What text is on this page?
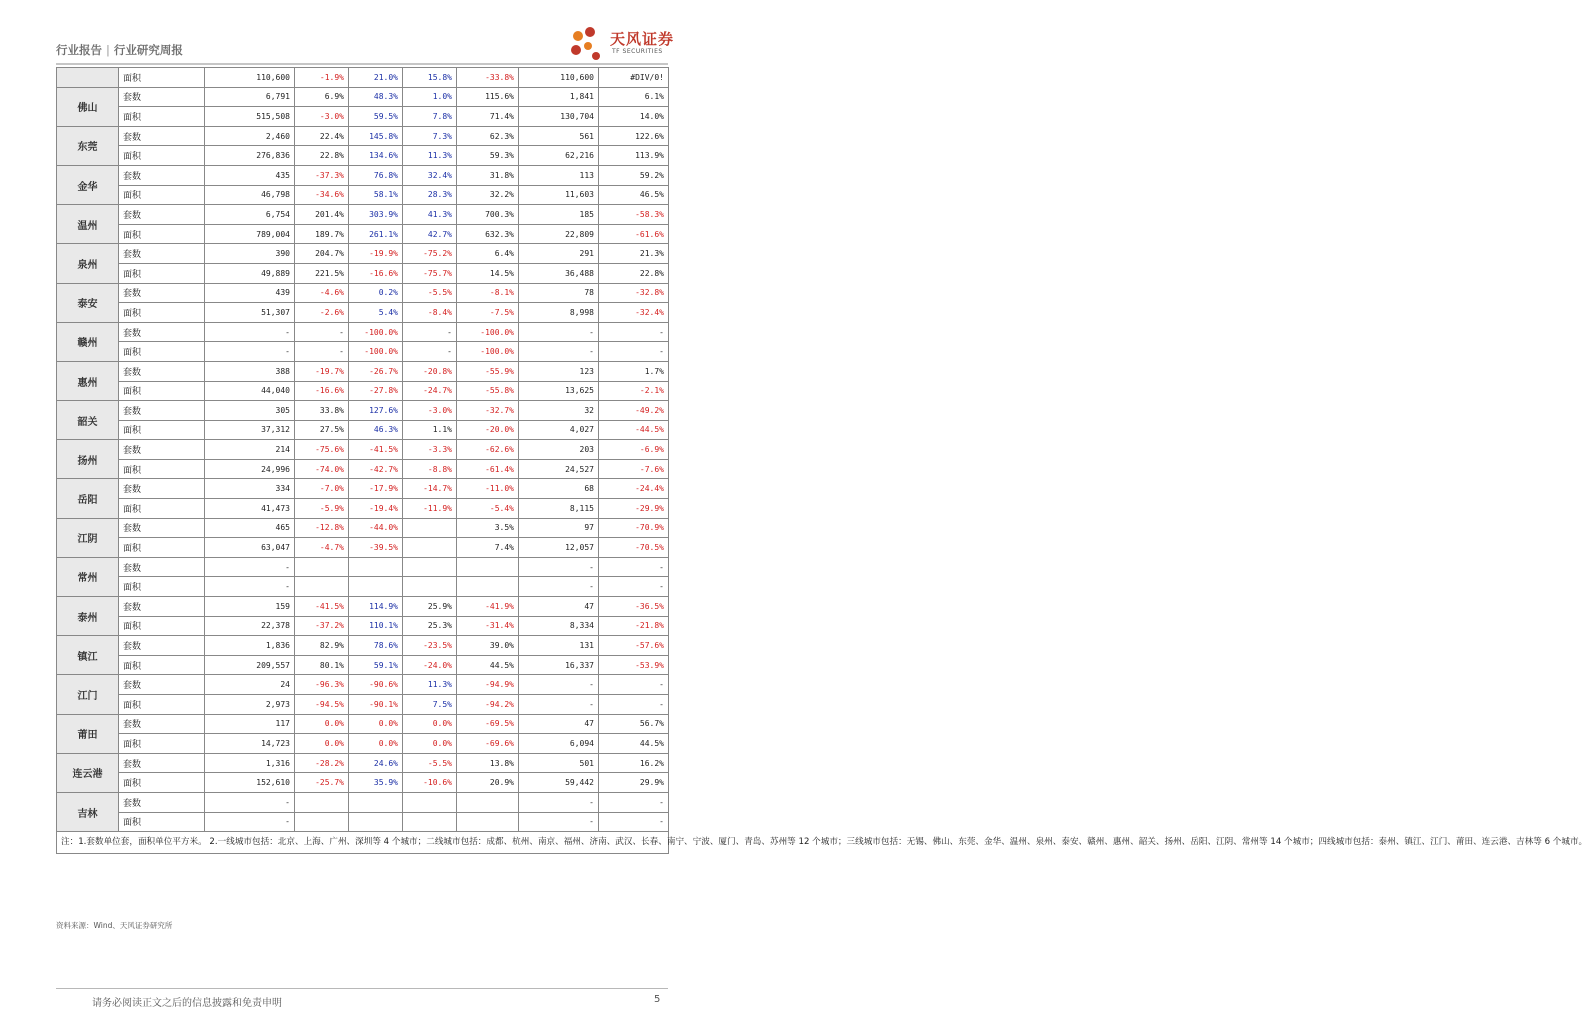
行业报告 | 行业研究周报
天风证券
TF SECURITIES
	面积	110,600	-1.9%	21.0%	15.8%	-33.8%	110,600	#DIV/0!
佛山	套数	6,791	6.9%	48.3%	1.0%	115.6%	1,841	6.1%
	面积	515,508	-3.0%	59.5%	7.8%	71.4%	130,704	14.0%
东莞	套数	2,460	22.4%	145.8%	7.3%	62.3%	561	122.6%
	面积	276,836	22.8%	134.6%	11.3%	59.3%	62,216	113.9%
金华	套数	435	-37.3%	76.8%	32.4%	31.8%	113	59.2%
	面积	46,798	-34.6%	58.1%	28.3%	32.2%	11,603	46.5%
温州	套数	6,754	201.4%	303.9%	41.3%	700.3%	185	-58.3%
	面积	789,004	189.7%	261.1%	42.7%	632.3%	22,809	-61.6%
泉州	套数	390	204.7%	-19.9%	-75.2%	6.4%	291	21.3%
	面积	49,889	221.5%	-16.6%	-75.7%	14.5%	36,488	22.8%
泰安	套数	439	-4.6%	0.2%	-5.5%	-8.1%	78	-32.8%
	面积	51,307	-2.6%	5.4%	-8.4%	-7.5%	8,998	-32.4%
赣州	套数	-	-	-100.0%	-	-100.0%	-	-
	面积	-	-	-100.0%	-	-100.0%	-	-
惠州	套数	388	-19.7%	-26.7%	-20.8%	-55.9%	123	1.7%
	面积	44,040	-16.6%	-27.8%	-24.7%	-55.8%	13,625	-2.1%
韶关	套数	305	33.8%	127.6%	-3.0%	-32.7%	32	-49.2%
	面积	37,312	27.5%	46.3%	1.1%	-20.0%	4,027	-44.5%
扬州	套数	214	-75.6%	-41.5%	-3.3%	-62.6%	203	-6.9%
	面积	24,996	-74.0%	-42.7%	-8.8%	-61.4%	24,527	-7.6%
岳阳	套数	334	-7.0%	-17.9%	-14.7%	-11.0%	68	-24.4%
	面积	41,473	-5.9%	-19.4%	-11.9%	-5.4%	8,115	-29.9%
江阴	套数	465	-12.8%	-44.0%		3.5%	97	-70.9%
	面积	63,047	-4.7%	-39.5%		7.4%	12,057	-70.5%
常州	套数	-					-	-
	面积	-					-	-
泰州	套数	159	-41.5%	114.9%	25.9%	-41.9%	47	-36.5%
	面积	22,378	-37.2%	110.1%	25.3%	-31.4%	8,334	-21.8%
镇江	套数	1,836	82.9%	78.6%	-23.5%	39.0%	131	-57.6%
	面积	209,557	80.1%	59.1%	-24.0%	44.5%	16,337	-53.9%
江门	套数	24	-96.3%	-90.6%	11.3%	-94.9%	-	-
	面积	2,973	-94.5%	-90.1%	7.5%	-94.2%	-	-
莆田	套数	117	0.0%	0.0%	0.0%	-69.5%	47	56.7%
	面积	14,723	0.0%	0.0%	0.0%	-69.6%	6,094	44.5%
连云港	套数	1,316	-28.2%	24.6%	-5.5%	13.8%	501	16.2%
	面积	152,610	-25.7%	35.9%	-10.6%	20.9%	59,442	29.9%
吉林	套数	-					-	-
	面积	-					-	-
注：1.套数单位套，面积单位平方米。 2.一线城市包括：北京、上海、广州、深圳等 4 个城市；二线城市包括：成都、杭州、南京、福州、济南、武汉、长春、南宁、宁波、厦门、青岛、苏州等 12 个城市；三线城市包括：无锡、佛山、东莞、金华、温州、泉州、泰安、赣州、惠州、韶关、扬州、岳阳、江阴、常州等 14 个城市；四线城市包括：泰州、镇江、江门、莆田、连云港、吉林等 6 个城市。								
资料来源：Wind、天风证券研究所
请务必阅读正文之后的信息披露和免责申明	5
